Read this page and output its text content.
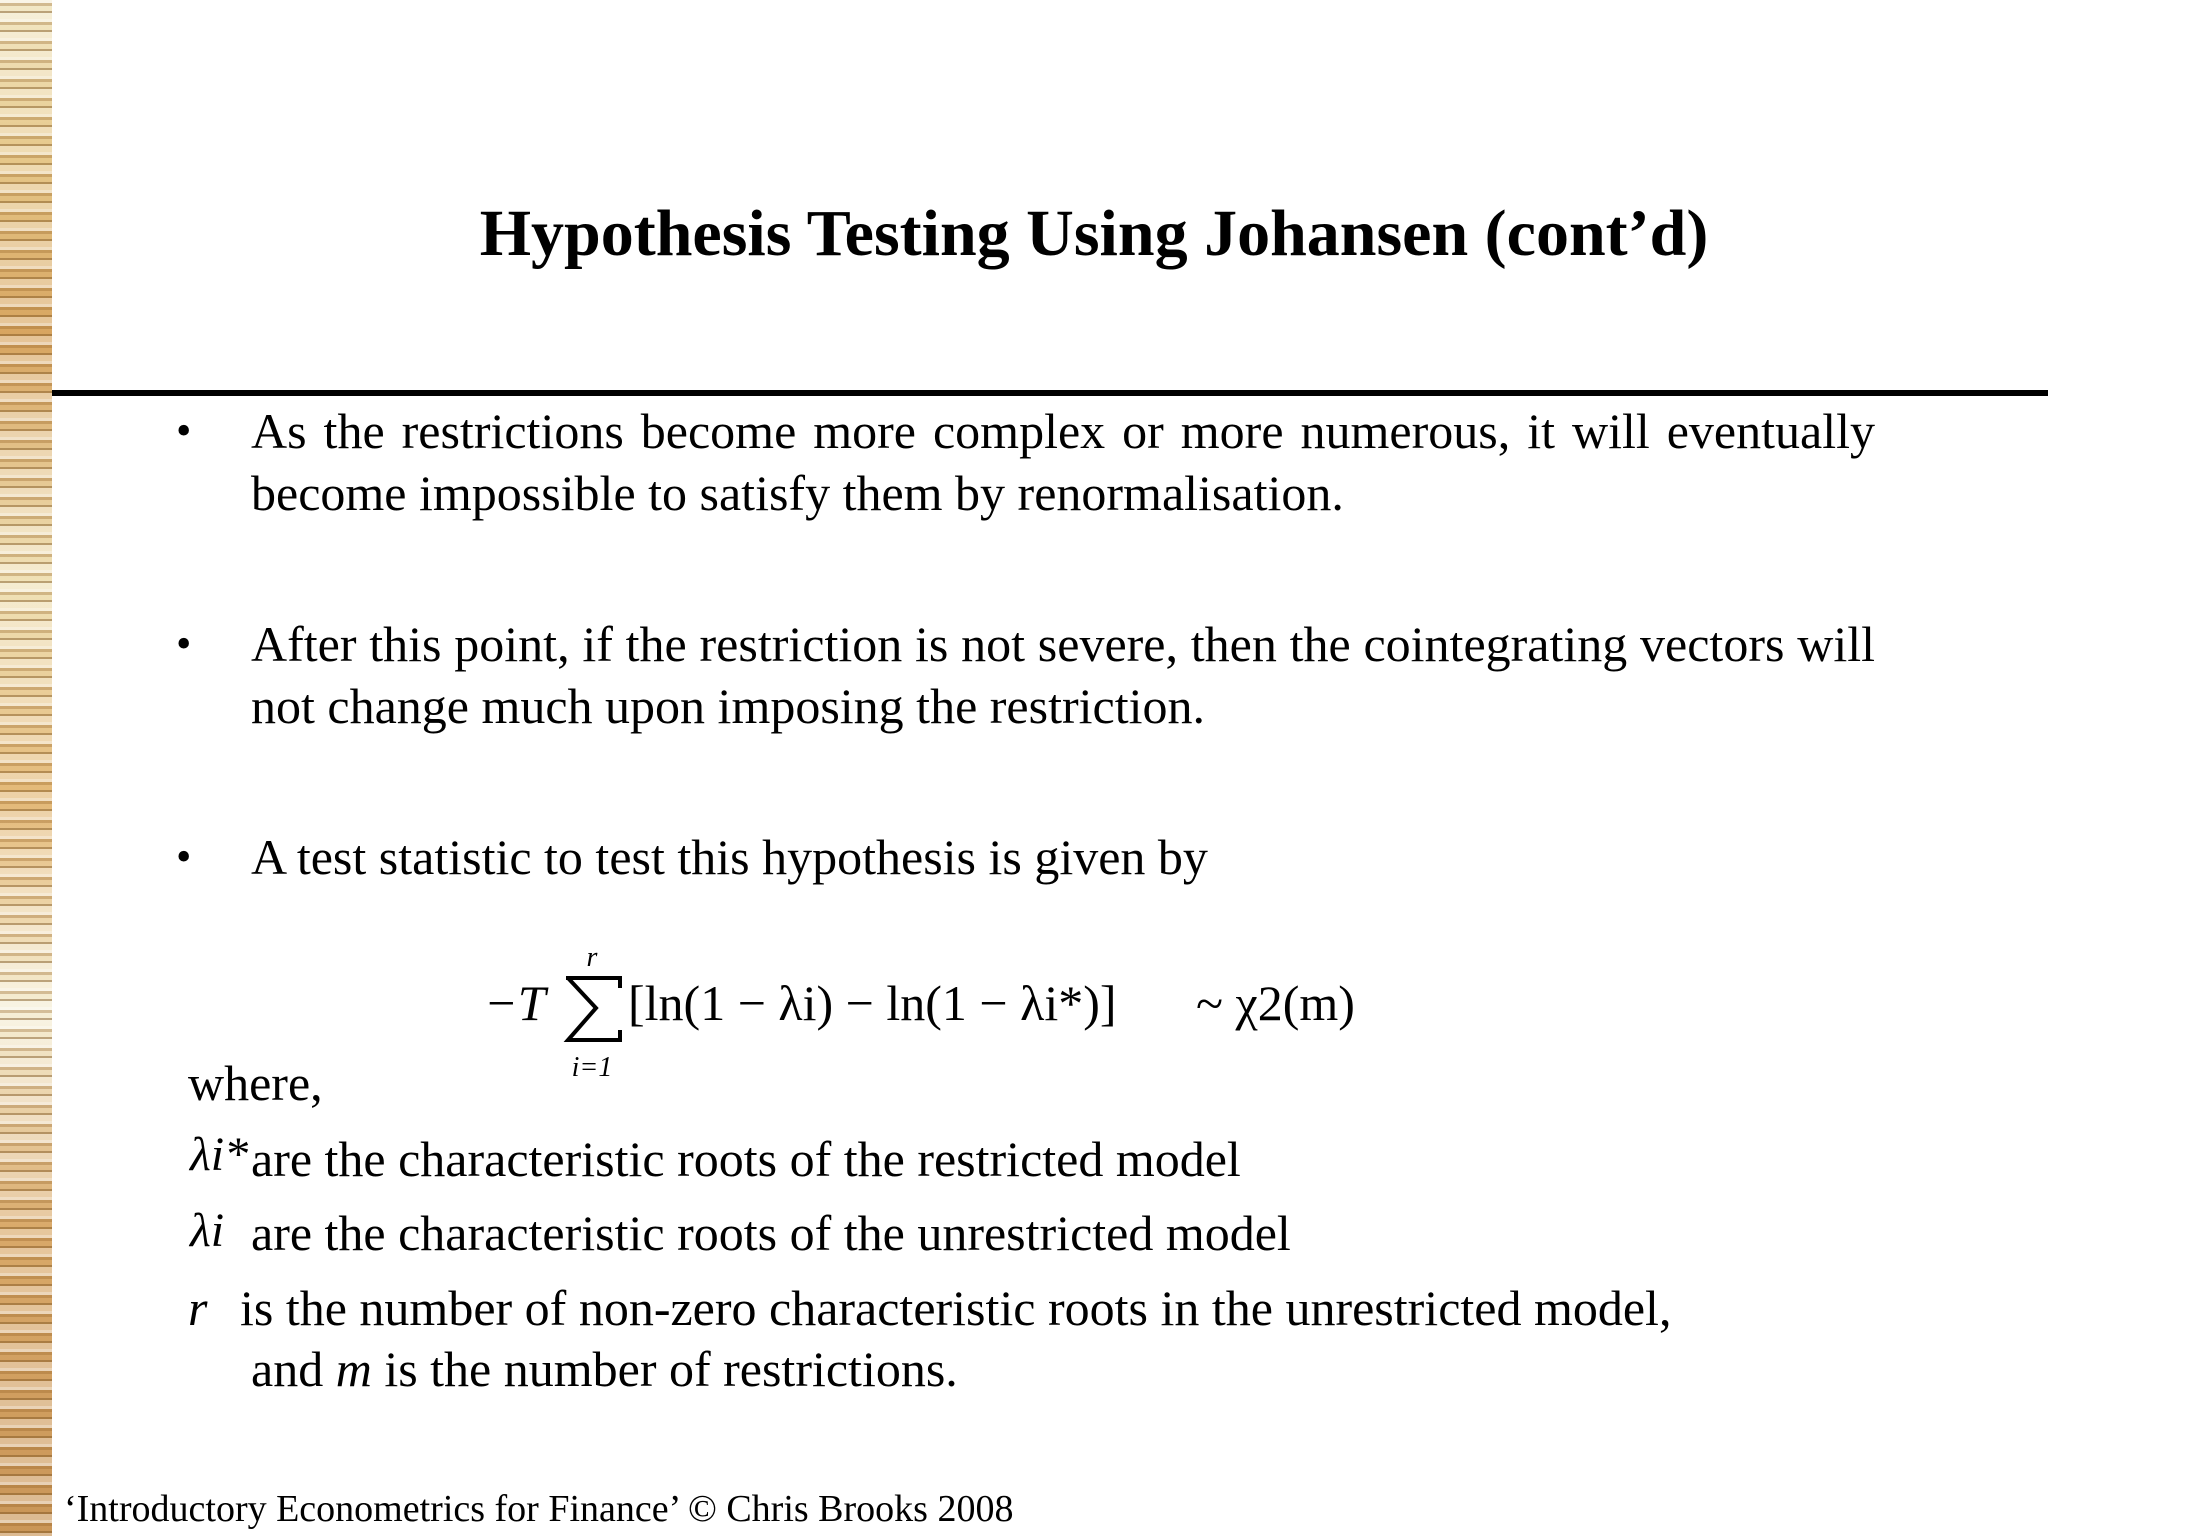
Hypothesis Testing Using Johansen (cont’d)
• As the restrictions become more complex or more numerous, it will eventually become impossible to satisfy them by renormalisation.
• After this point, if the restriction is not severe, then the cointegrating vectors will not change much upon imposing the restriction.
• A test statistic to test this hypothesis is given by
−T
r
i=1
[ln(1 − λi) − ln(1 − λi*)] ~ χ2(m)
where,
λi* are the characteristic roots of the restricted model
λi are the characteristic roots of the unrestricted model
r is the number of non-zero characteristic roots in the unrestricted model,
and m is the number of restrictions.
‘Introductory Econometrics for Finance’ © Chris Brooks 2008
